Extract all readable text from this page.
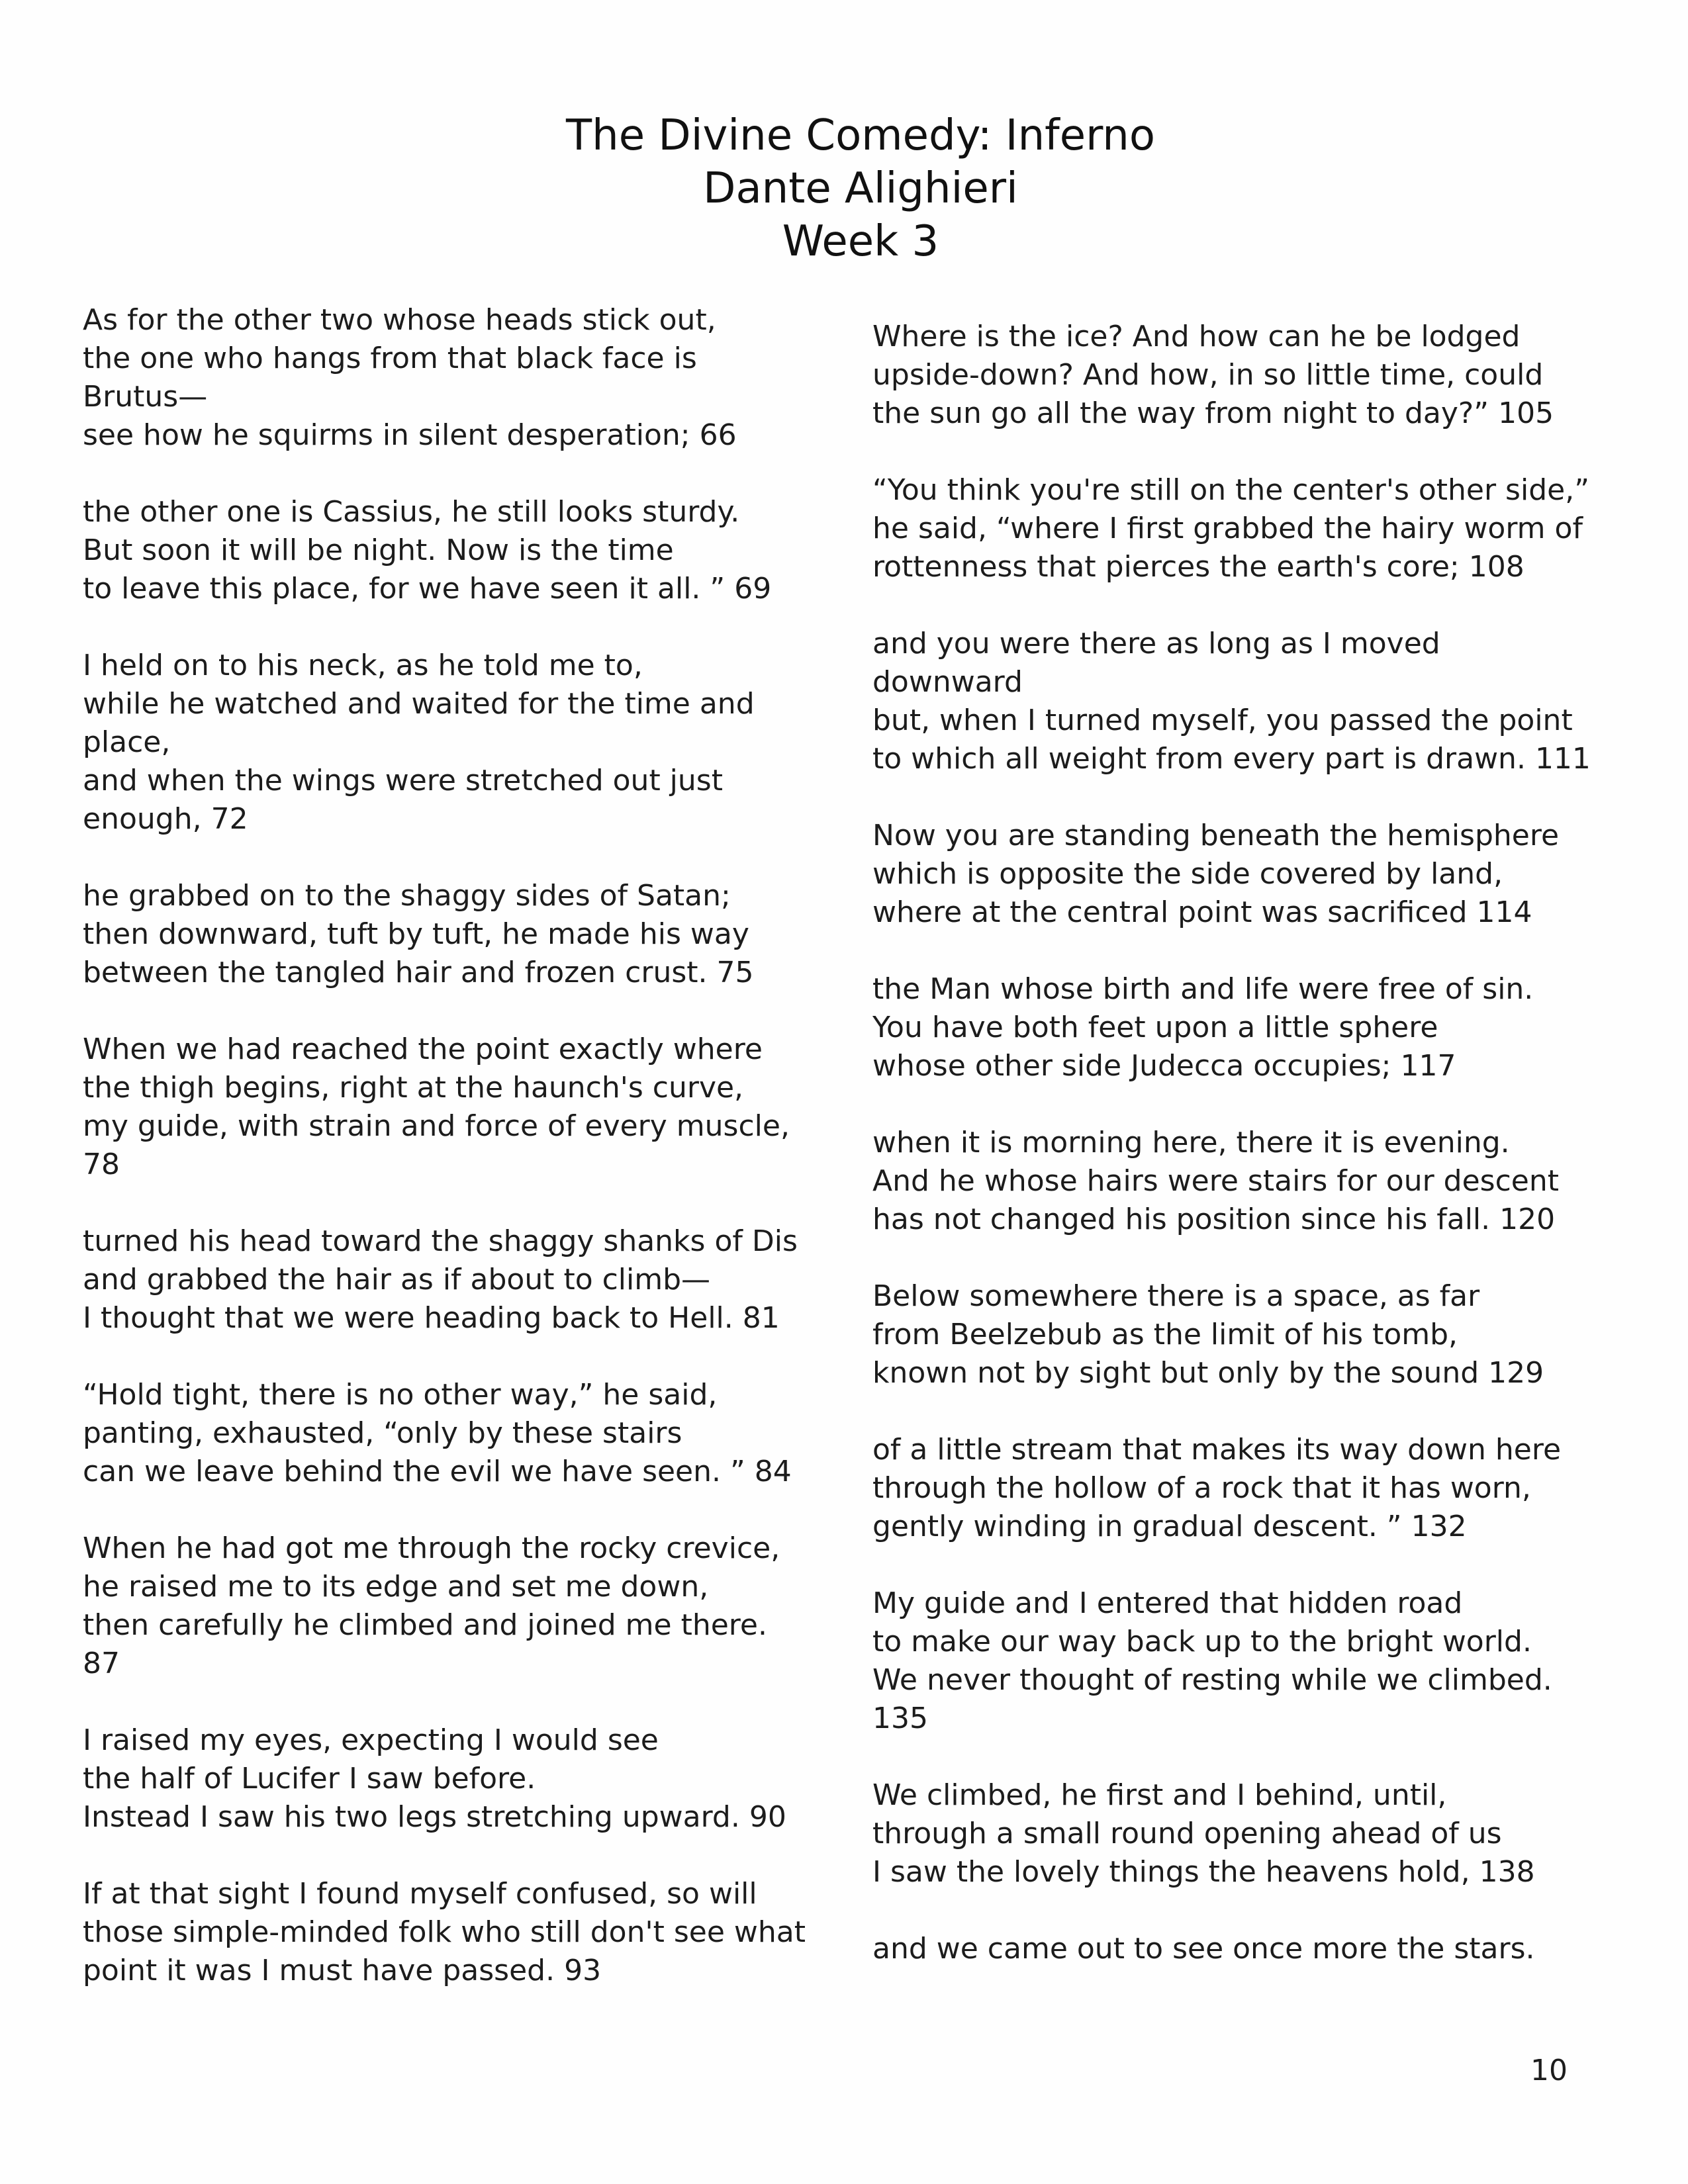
The Divine Comedy: Inferno
Dante Alighieri
Week 3
As for the other two whose heads stick out,
the one who hangs from that black face is
Brutus—
see how he squirms in silent desperation; 66
the other one is Cassius, he still looks sturdy.
But soon it will be night. Now is the time
to leave this place, for we have seen it all. ” 69
I held on to his neck, as he told me to,
while he watched and waited for the time and
place,
and when the wings were stretched out just
enough, 72
he grabbed on to the shaggy sides of Satan;
then downward, tuft by tuft, he made his way
between the tangled hair and frozen crust. 75
When we had reached the point exactly where
the thigh begins, right at the haunch's curve,
my guide, with strain and force of every muscle,
78
turned his head toward the shaggy shanks of Dis
and grabbed the hair as if about to climb—
I thought that we were heading back to Hell. 81
“Hold tight, there is no other way,” he said,
panting, exhausted, “only by these stairs
can we leave behind the evil we have seen. ” 84
When he had got me through the rocky crevice,
he raised me to its edge and set me down,
then carefully he climbed and joined me there.
87
I raised my eyes, expecting I would see
the half of Lucifer I saw before.
Instead I saw his two legs stretching upward. 90
If at that sight I found myself confused, so will
those simple-minded folk who still don't see what
point it was I must have passed. 93
Where is the ice? And how can he be lodged
upside-down? And how, in so little time, could
the sun go all the way from night to day?” 105
“You think you're still on the center's other side,”
he said, “where I first grabbed the hairy worm of
rottenness that pierces the earth's core; 108
and you were there as long as I moved
downward
but, when I turned myself, you passed the point
to which all weight from every part is drawn. 111
Now you are standing beneath the hemisphere
which is opposite the side covered by land,
where at the central point was sacrificed 114
the Man whose birth and life were free of sin.
You have both feet upon a little sphere
whose other side Judecca occupies; 117
when it is morning here, there it is evening.
And he whose hairs were stairs for our descent
has not changed his position since his fall. 120
Below somewhere there is a space, as far
from Beelzebub as the limit of his tomb,
known not by sight but only by the sound 129
of a little stream that makes its way down here
through the hollow of a rock that it has worn,
gently winding in gradual descent. ” 132
My guide and I entered that hidden road
to make our way back up to the bright world.
We never thought of resting while we climbed.
135
We climbed, he first and I behind, until,
through a small round opening ahead of us
I saw the lovely things the heavens hold, 138
and we came out to see once more the stars.
10
